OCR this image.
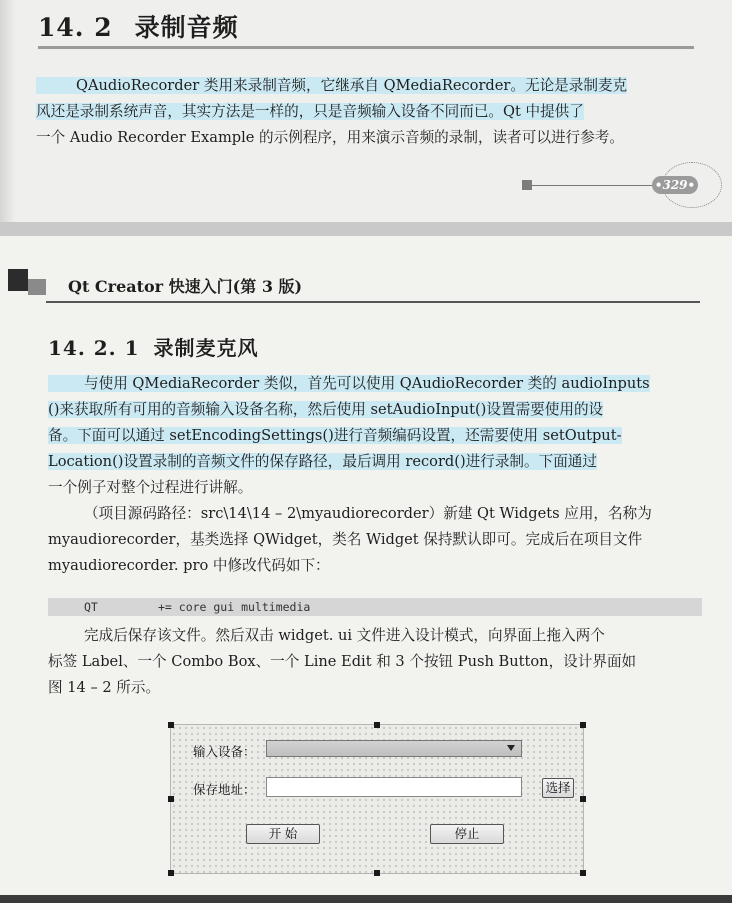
14. 2 录制音频
QAudioRecorder 类用来录制音频，它继承自 QMediaRecorder。无论是录制麦克
风还是录制系统声音，其实方法是一样的，只是音频输入设备不同而已。Qt 中提供了
一个 Audio Recorder Example 的示例程序，用来演示音频的录制，读者可以进行参考。
•329•
Qt Creator 快速入门(第 3 版)
14. 2. 1 录制麦克风
与使用 QMediaRecorder 类似，首先可以使用 QAudioRecorder 类的 audioInputs
()来获取所有可用的音频输入设备名称，然后使用 setAudioInput()设置需要使用的设
备。下面可以通过 setEncodingSettings()进行音频编码设置，还需要使用 setOutput-
Location()设置录制的音频文件的保存路径，最后调用 record()进行录制。下面通过
一个例子对整个过程进行讲解。
（项目源码路径：src\14\14 – 2\myaudiorecorder）新建 Qt Widgets 应用，名称为
myaudiorecorder，基类选择 QWidget，类名 Widget 保持默认即可。完成后在项目文件
myaudiorecorder. pro 中修改代码如下：
QT	+= core gui multimedia
完成后保存该文件。然后双击 widget. ui 文件进入设计模式，向界面上拖入两个
标签 Label、一个 Combo Box、一个 Line Edit 和 3 个按钮 Push Button，设计界面如
图 14 – 2 所示。
输入设备：
保存地址：	选择
开 始	停止
